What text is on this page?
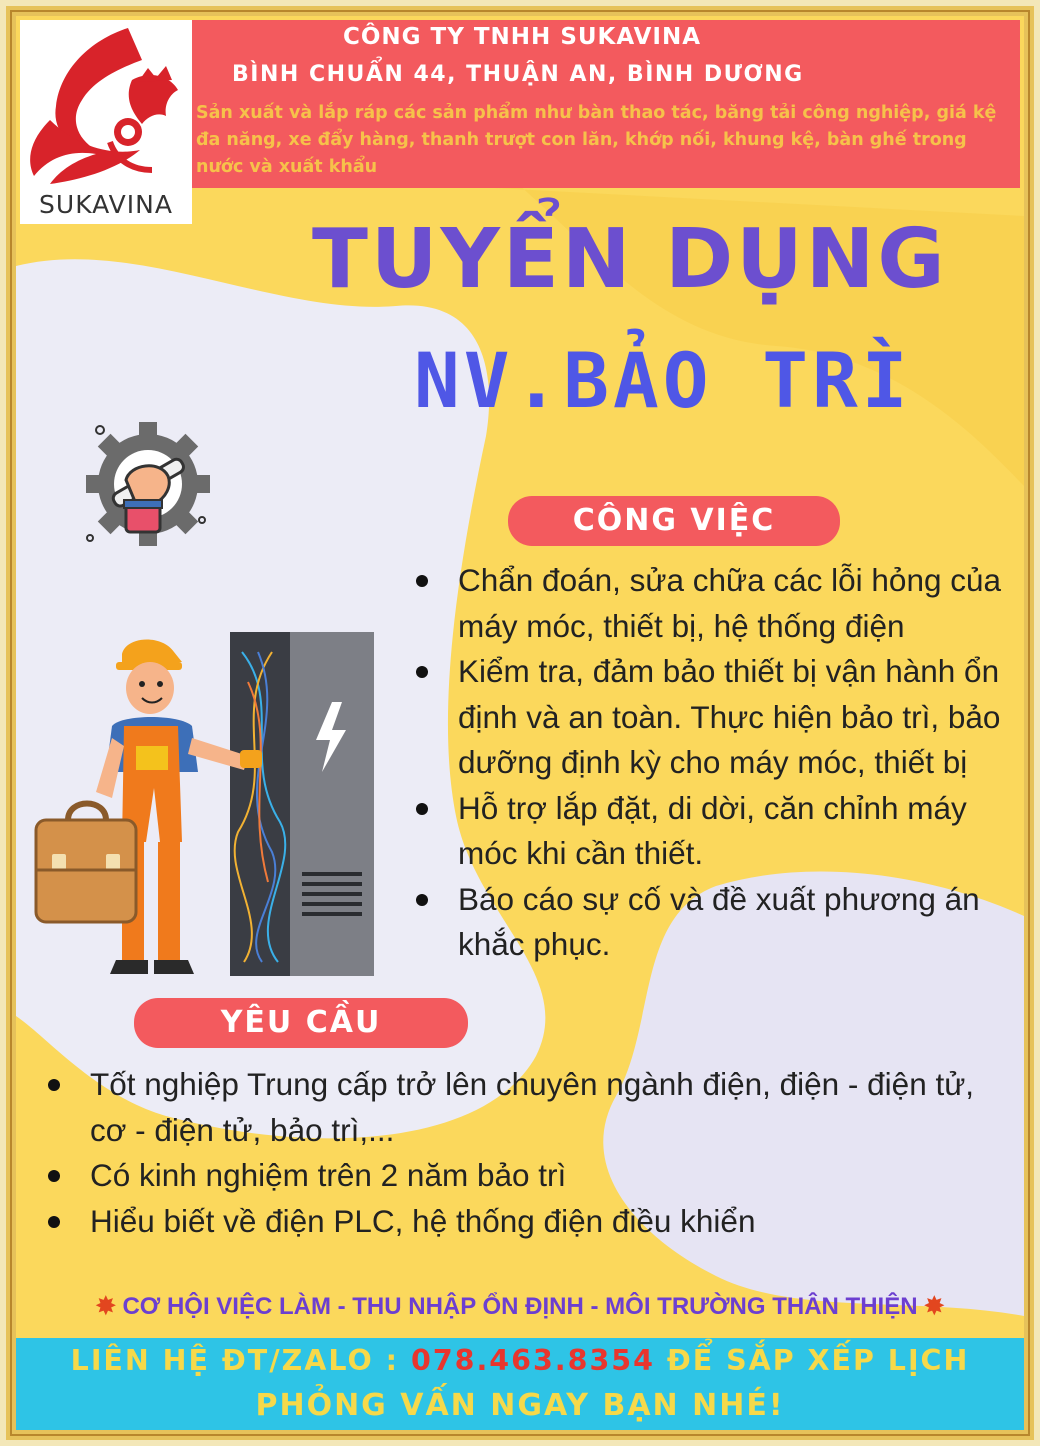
SUKAVINA
CÔNG TY TNHH SUKAVINA
BÌNH CHUẨN 44, THUẬN AN, BÌNH DƯƠNG
Sản xuất và lắp ráp các sản phẩm như bàn thao tác, băng tải công nghiệp, giá kệ đa năng, xe đẩy hàng, thanh trượt con lăn, khớp nối, khung kệ, bàn ghế trong nước và xuất khẩu
TUYỂN DỤNG
NV.BẢO TRÌ
CÔNG VIỆC
Chẩn đoán, sửa chữa các lỗi hỏng của máy móc, thiết bị, hệ thống điện
Kiểm tra, đảm bảo thiết bị vận hành ổn định và an toàn. Thực hiện bảo trì, bảo dưỡng định kỳ cho máy móc, thiết bị
Hỗ trợ lắp đặt, di dời, căn chỉnh máy móc khi cần thiết.
Báo cáo sự cố và đề xuất phương án khắc phục.
YÊU CẦU
Tốt nghiệp Trung cấp trở lên chuyên ngành điện, điện - điện tử, cơ - điện tử, bảo trì,...
Có kinh nghiệm trên 2 năm bảo trì
Hiểu biết về điện PLC, hệ thống điện điều khiển
✸ CƠ HỘI VIỆC LÀM - THU NHẬP ỔN ĐỊNH - MÔI TRƯỜNG THÂN THIỆN ✸
LIÊN HỆ ĐT/ZALO : 078.463.8354 ĐỂ SẮP XẾP LỊCH
PHỎNG VẤN NGAY BẠN NHÉ!
